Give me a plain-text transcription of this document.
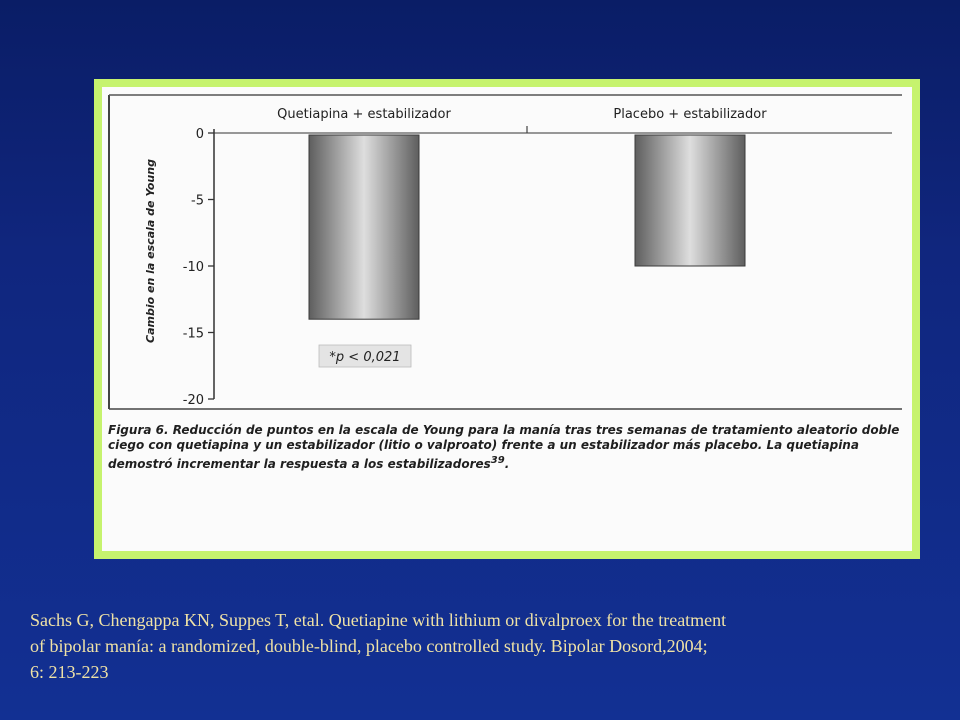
0
-5
-10
-15
-20
Cambio en la escala de Young
Quetiapina + estabilizador	Placebo + estabilizador
*p < 0,021
Figura 6. Reducción de puntos en la escala de Young para la manía tras tres semanas de tratamiento aleatorio doble ciego con quetiapina y un estabilizador (litio o valproato) frente a un estabilizador más placebo. La quetiapina demostró incrementar la respuesta a los estabilizadores$^{39}$.
Sachs G, Chengappa KN, Suppes T, etal. Quetiapine with lithium or divalproex for the treatment
of bipolar manía: a randomized, double-blind, placebo controlled study. Bipolar Dosord,2004;
6: 213-223
